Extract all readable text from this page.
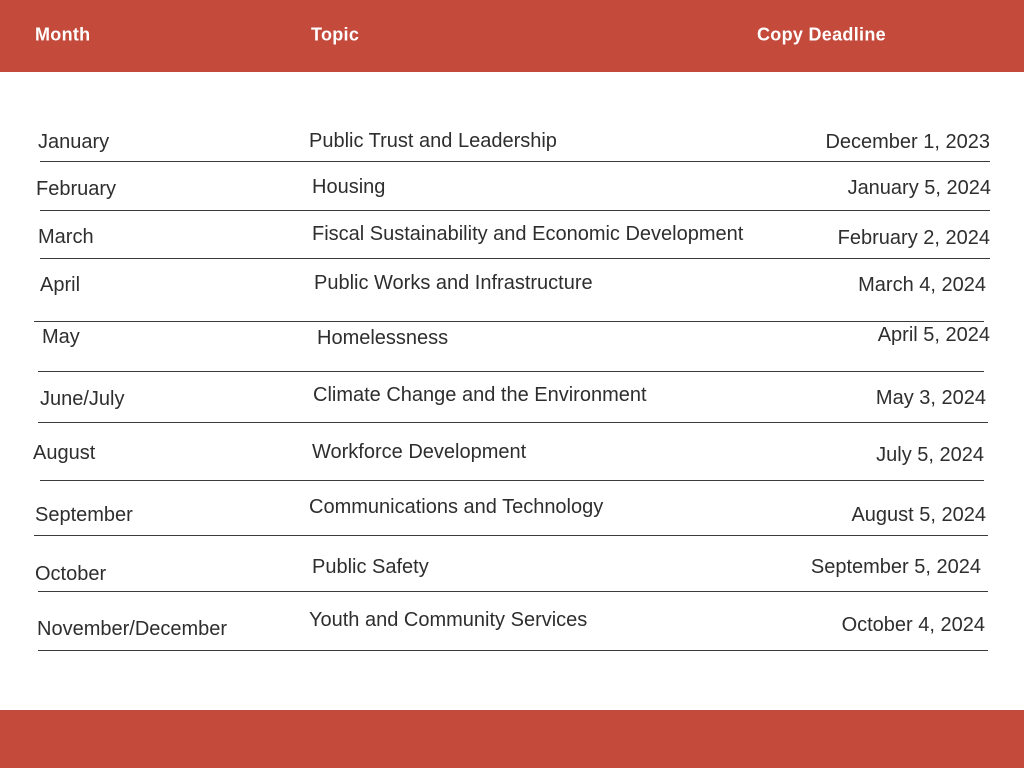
Month	Topic	Copy Deadline
January	Public Trust and Leadership	December 1, 2023
February	Housing	January 5, 2024
March	Fiscal Sustainability and Economic Development	February 2, 2024
April	Public Works and Infrastructure	March 4, 2024
May	Homelessness	April 5, 2024
June/July	Climate Change and the Environment	May 3, 2024
August	Workforce Development	July 5, 2024
September	Communications and Technology	August 5, 2024
October	Public Safety	September 5, 2024
November/December	Youth and Community Services	October 4, 2024
